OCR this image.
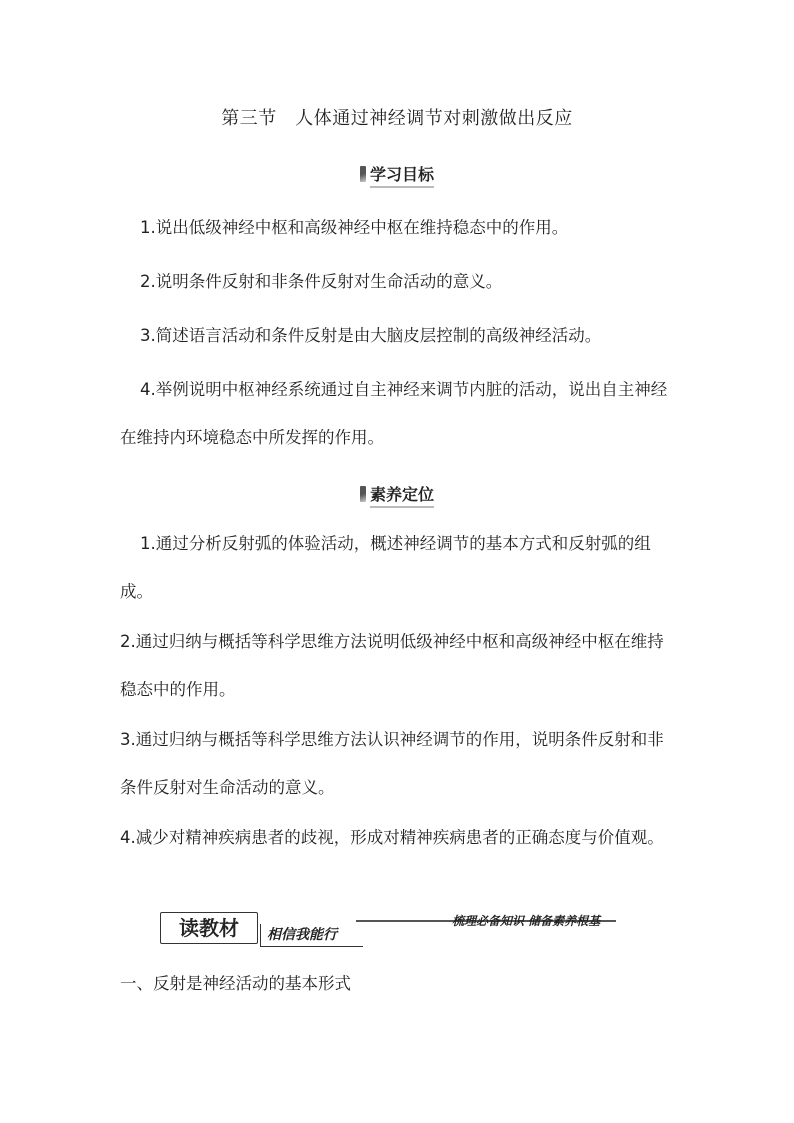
第三节　人体通过神经调节对刺激做出反应
学习目标

1.说出低级神经中枢和高级神经中枢在维持稳态中的作用。

2.说明条件反射和非条件反射对生命活动的意义。

3.简述语言活动和条件反射是由大脑皮层控制的高级神经活动。

4.举例说明中枢神经系统通过自主神经来调节内脏的活动，说出自主神经在维持内环境稳态中所发挥的作用。

素养定位

1.通过分析反射弧的体验活动，概述神经调节的基本方式和反射弧的组成。

2.通过归纳与概括等科学思维方法说明低级神经中枢和高级神经中枢在维持稳态中的作用。

3.通过归纳与概括等科学思维方法认识神经调节的作用，说明条件反射和非条件反射对生命活动的意义。

4.减少对精神疾病患者的歧视，形成对精神疾病患者的正确态度与价值观。

读教材	相信我能行
梳理必备知识 储备素养根基
一、反射是神经活动的基本形式
